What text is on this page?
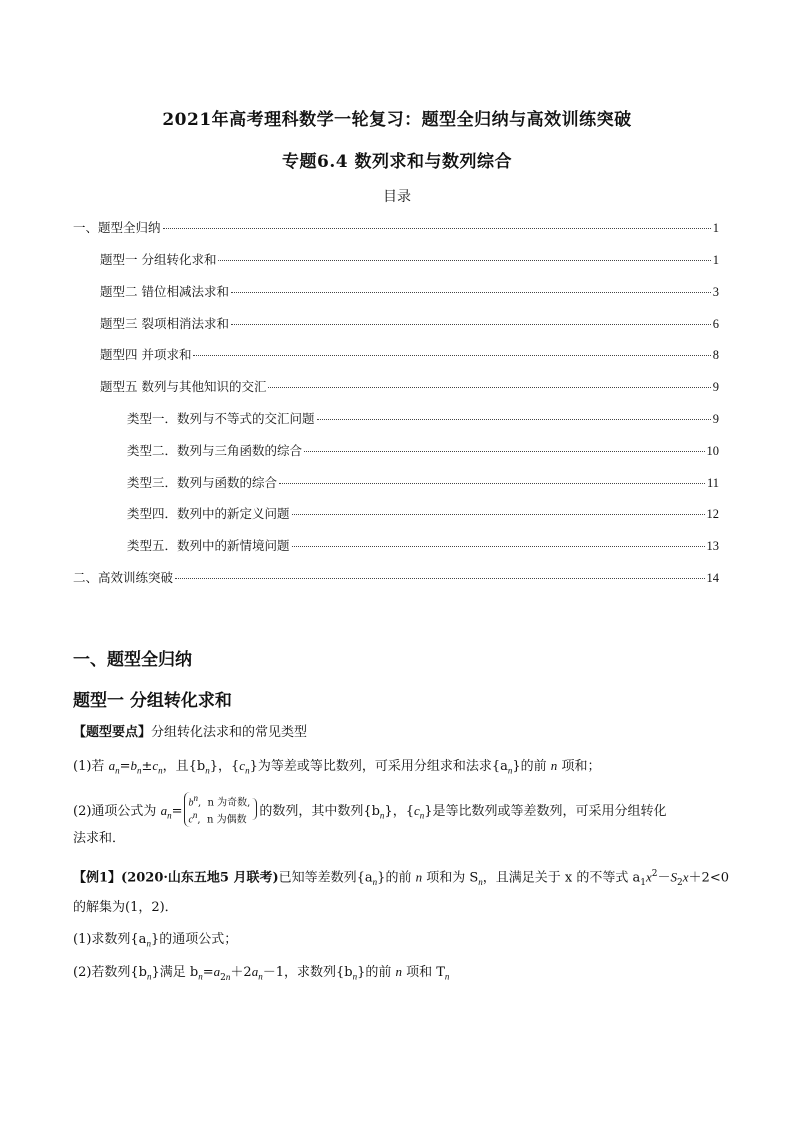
2021年高考理科数学一轮复习：题型全归纳与高效训练突破
专题6.4 数列求和与数列综合
目录
一、题型全归纳	1
题型一 分组转化求和	1
题型二 错位相减法求和	3
题型三 裂项相消法求和	6
题型四 并项求和	8
题型五 数列与其他知识的交汇	9
类型一．数列与不等式的交汇问题	9
类型二．数列与三角函数的综合	10
类型三．数列与函数的综合	11
类型四．数列中的新定义问题	12
类型五．数列中的新情境问题	13
二、高效训练突破	14
一、题型全归纳
题型一 分组转化求和
【题型要点】分组转化法求和的常见类型
(1)若 $a_n=b_n\pm c_n$，且$\{b_n\}$，$\{c_n\}$为等差或等比数列，可采用分组求和法求$\{a_n\}$的前 n 项和；
(2)通项公式为 $a_n=b^n$,  n 为奇数,
$c^n$,  n 为偶数的数列，其中数列$\{b_n\}$，$\{c_n\}$是等比数列或等差数列，可采用分组转化
法求和．
【例1】(2020·山东五地5 月联考)已知等差数列$\{a_n\}$的前 n 项和为 $S_n$，且满足关于 x 的不等式 $a_1x^2-S_2x+2<0$
的解集为(1，2)．
(1)求数列$\{a_n\}$的通项公式；
(2)若数列$\{b_n\}$满足 $b_n=a_{2n}+2a_n-1$，求数列$\{b_n\}$的前 n 项和 $T_n$
